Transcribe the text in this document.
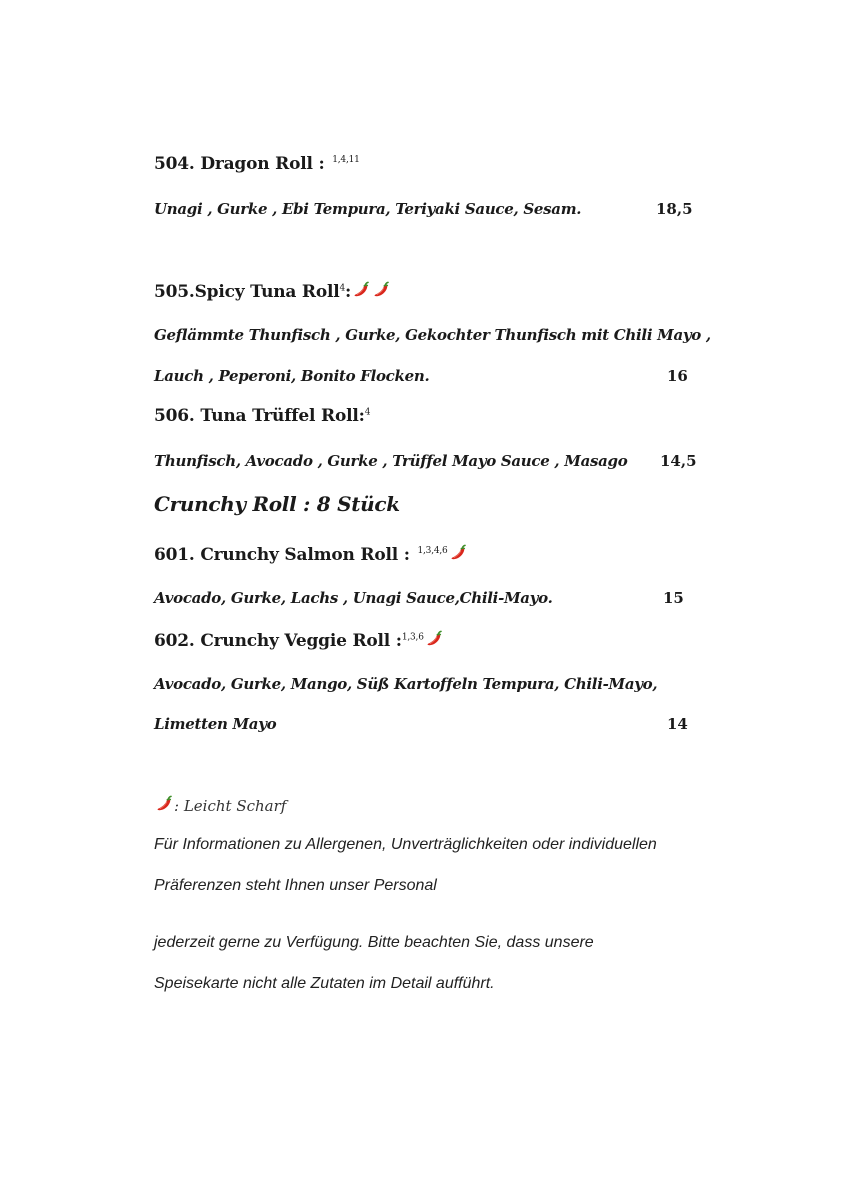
504. Dragon Roll : $^{1,4,11}$
Unagi , Gurke , Ebi Tempura, Teriyaki Sauce, Sesam.	18,5
505.Spicy Tuna Roll$^4$:
Geflämmte Thunfisch , Gurke, Gekochter Thunfisch mit Chili Mayo ,
Lauch , Peperoni, Bonito Flocken.	16
506. Tuna Trüffel Roll:$^4$
Thunfisch, Avocado , Gurke , Trüffel Mayo Sauce , Masago 14,5
Crunchy Roll : 8 Stück
601. Crunchy Salmon Roll : $^{1,3,4,6}$
Avocado, Gurke, Lachs , Unagi Sauce,Chili-Mayo.	15
602. Crunchy Veggie Roll :$^{1,3,6}$
Avocado, Gurke, Mango, Süß Kartoffeln Tempura, Chili-Mayo,
Limetten Mayo	14
: Leicht Scharf
Für Informationen zu Allergenen, Unverträglichkeiten oder individuellen
Präferenzen steht Ihnen unser Personal
jederzeit gerne zu Verfügung. Bitte beachten Sie, dass unsere
Speisekarte nicht alle Zutaten im Detail aufführt.
